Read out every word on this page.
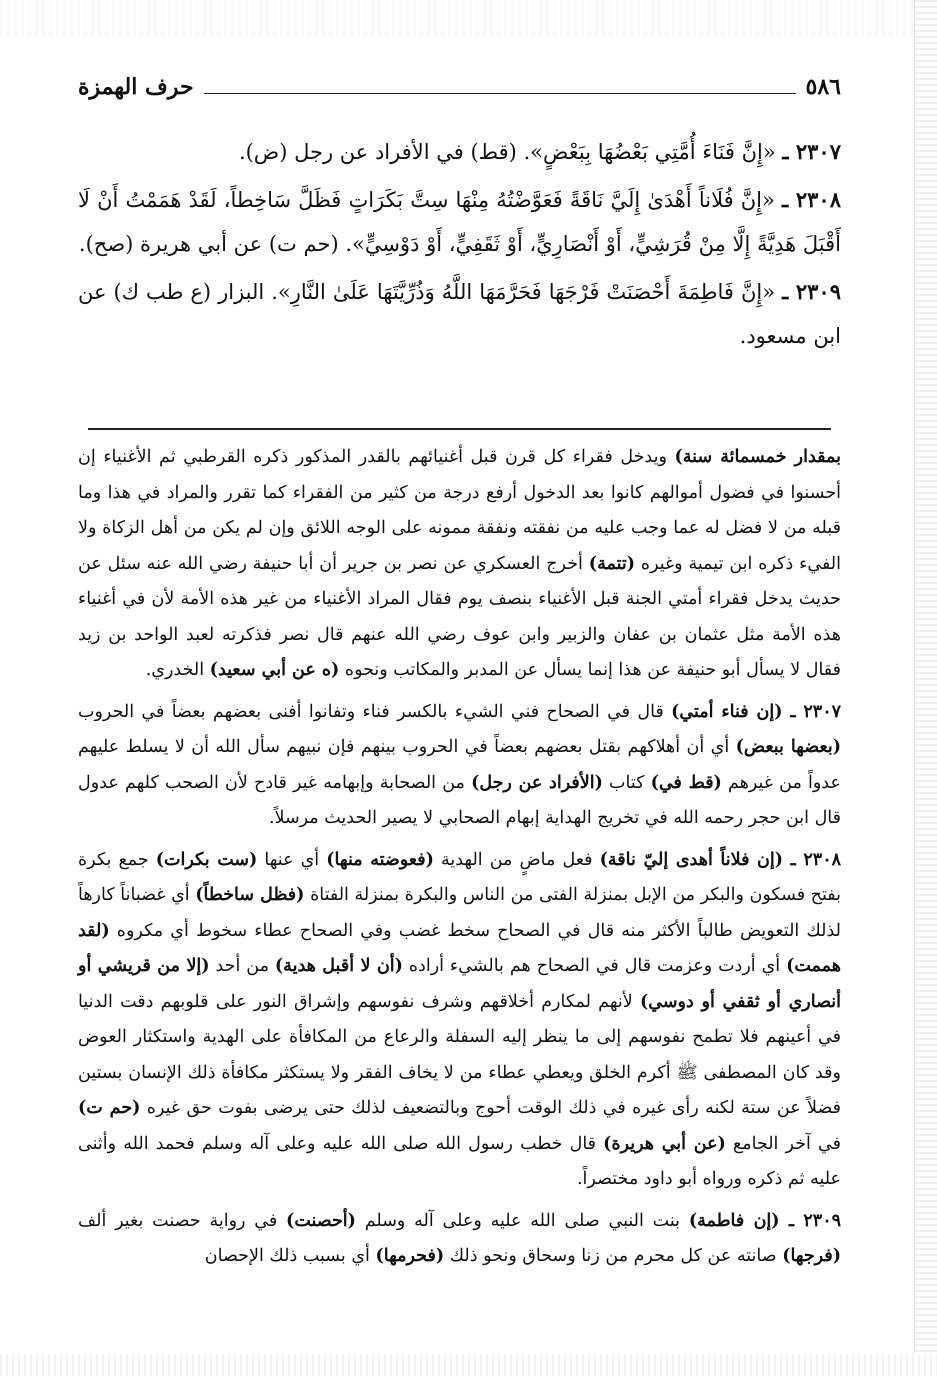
٥٨٦
حرف الهمزة

٢٣٠٧ ـ «إِنَّ فَنَاءَ أُمَّتِي بَعْضُهَا بِبَعْضٍ». (قط) في الأفراد عن رجل (ض).

٢٣٠٨ ـ «إِنَّ فُلَاناً أَهْدَىٰ إِلَيَّ نَاقَةً فَعَوَّضْتُهُ مِنْهَا سِتَّ بَكَرَاتٍ فَظَلَّ سَاخِطاً، لَقَدْ هَمَمْتُ أَنْ لَا أَقْبَلَ هَدِيَّةً إِلَّا مِنْ قُرَشِيٍّ، أَوْ أَنْصَارِيٍّ، أَوْ ثَقَفِيٍّ، أَوْ دَوْسِيٍّ». (حم ت) عن أبي هريرة (صح).

٢٣٠٩ ـ «إِنَّ فَاطِمَةَ أَحْصَنَتْ فَرْجَهَا فَحَرَّمَهَا اللَّهُ وَذُرِّيَّتَهَا عَلَىٰ النَّارِ». البزار (ع طب ك) عن ابن مسعود.

بمقدار خمسمائة سنة) ويدخل فقراء كل قرن قبل أغنيائهم بالقدر المذكور ذكره القرطبي ثم الأغنياء إن أحسنوا في فضول أموالهم كانوا بعد الدخول أرفع درجة من كثير من الفقراء كما تقرر والمراد في هذا وما قبله من لا فضل له عما وجب عليه من نفقته ونفقة ممونه على الوجه اللائق وإن لم يكن من أهل الزكاة ولا الفيء ذكره ابن تيمية وغيره (تتمة) أخرج العسكري عن نصر بن جرير أن أبا حنيفة رضي الله عنه سئل عن حديث يدخل فقراء أمتي الجنة قبل الأغنياء بنصف يوم فقال المراد الأغنياء من غير هذه الأمة لأن في أغنياء هذه الأمة مثل عثمان بن عفان والزبير وابن عوف رضي الله عنهم قال نصر فذكرته لعبد الواحد بن زيد فقال لا يسأل أبو حنيفة عن هذا إنما يسأل عن المدبر والمكاتب ونحوه (ه عن أبي سعيد) الخدري.

٢٣٠٧ ـ (إن فناء أمتي) قال في الصحاح فني الشيء بالكسر فناء وتفانوا أفنى بعضهم بعضاً في الحروب (بعضها ببعض) أي أن أهلاكهم بقتل بعضهم بعضاً في الحروب بينهم فإن نبيهم سأل الله أن لا يسلط عليهم عدواً من غيرهم (قط في) كتاب (الأفراد عن رجل) من الصحابة وإبهامه غير قادح لأن الصحب كلهم عدول قال ابن حجر رحمه الله في تخريج الهداية إبهام الصحابي لا يصير الحديث مرسلاً.

٢٣٠٨ ـ (إن فلاناً أهدى إليّ ناقة) فعل ماضٍ من الهدية (فعوضته منها) أي عنها (ست بكرات) جمع بكرة بفتح فسكون والبكر من الإبل بمنزلة الفتى من الناس والبكرة بمنزلة الفتاة (فظل ساخطاً) أي غضباناً كارهاً لذلك التعويض طالباً الأكثر منه قال في الصحاح سخط غضب وفي الصحاح عطاء سخوط أي مكروه (لقد هممت) أي أردت وعزمت قال في الصحاح هم بالشيء أراده (أن لا أقبل هدية) من أحد (إلا من قريشي أو أنصاري أو ثقفي أو دوسي) لأنهم لمكارم أخلاقهم وشرف نفوسهم وإشراق النور على قلوبهم دقت الدنيا في أعينهم فلا تطمح نفوسهم إلى ما ينظر إليه السفلة والرعاع من المكافأة على الهدية واستكثار العوض وقد كان المصطفى ﷺ أكرم الخلق ويعطي عطاء من لا يخاف الفقر ولا يستكثر مكافأة ذلك الإنسان بستين فضلاً عن ستة لكنه رأى غيره في ذلك الوقت أحوج وبالتضعيف لذلك حتى يرضى بفوت حق غيره (حم ت) في آخر الجامع (عن أبي هريرة) قال خطب رسول الله صلى الله عليه وعلى آله وسلم فحمد الله وأثنى عليه ثم ذكره ورواه أبو داود مختصراً.

٢٣٠٩ ـ (إن فاطمة) بنت النبي صلى الله عليه وعلى آله وسلم (أحصنت) في رواية حصنت بغير ألف (فرجها) صانته عن كل محرم من زنا وسحاق ونحو ذلك (فحرمها) أي بسبب ذلك الإحصان
